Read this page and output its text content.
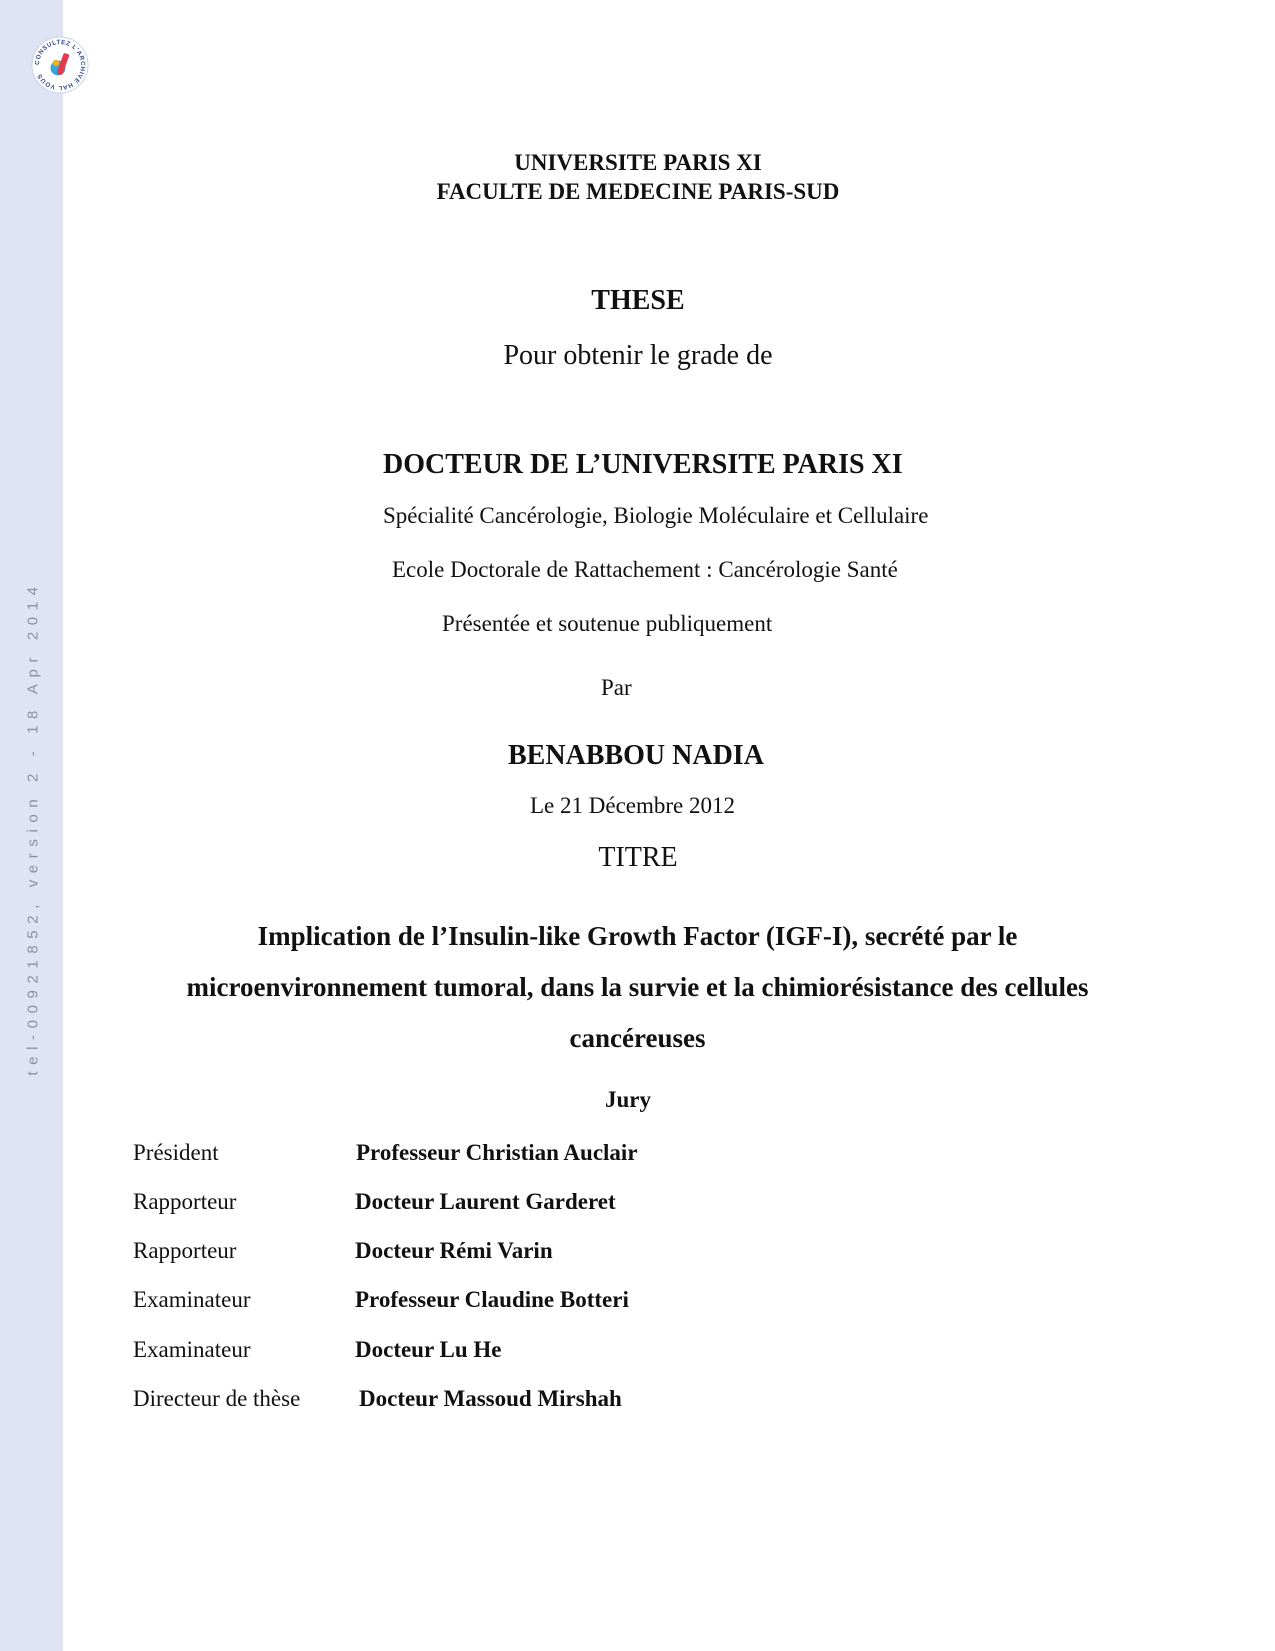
CONSULTEZ L'ARCHIVE HAL VOUS
tel-00921852, version 2 - 18 Apr 2014
UNIVERSITE PARIS XI
FACULTE DE MEDECINE PARIS-SUD
THESE
Pour obtenir le grade de
DOCTEUR DE L’UNIVERSITE PARIS XI
Spécialité Cancérologie, Biologie Moléculaire et Cellulaire
Ecole Doctorale de Rattachement : Cancérologie Santé
Présentée et soutenue publiquement
Par
BENABBOU NADIA
Le 21 Décembre 2012
TITRE
Implication de l’Insulin-like Growth Factor (IGF-I), secrété par le
microenvironnement tumoral, dans la survie et la chimiorésistance des cellules
cancéreuses
Jury
Président	Professeur Christian Auclair
Rapporteur	Docteur Laurent Garderet
Rapporteur	Docteur Rémi Varin
Examinateur	Professeur Claudine Botteri
Examinateur	Docteur Lu He
Directeur de thèse	Docteur Massoud Mirshah
